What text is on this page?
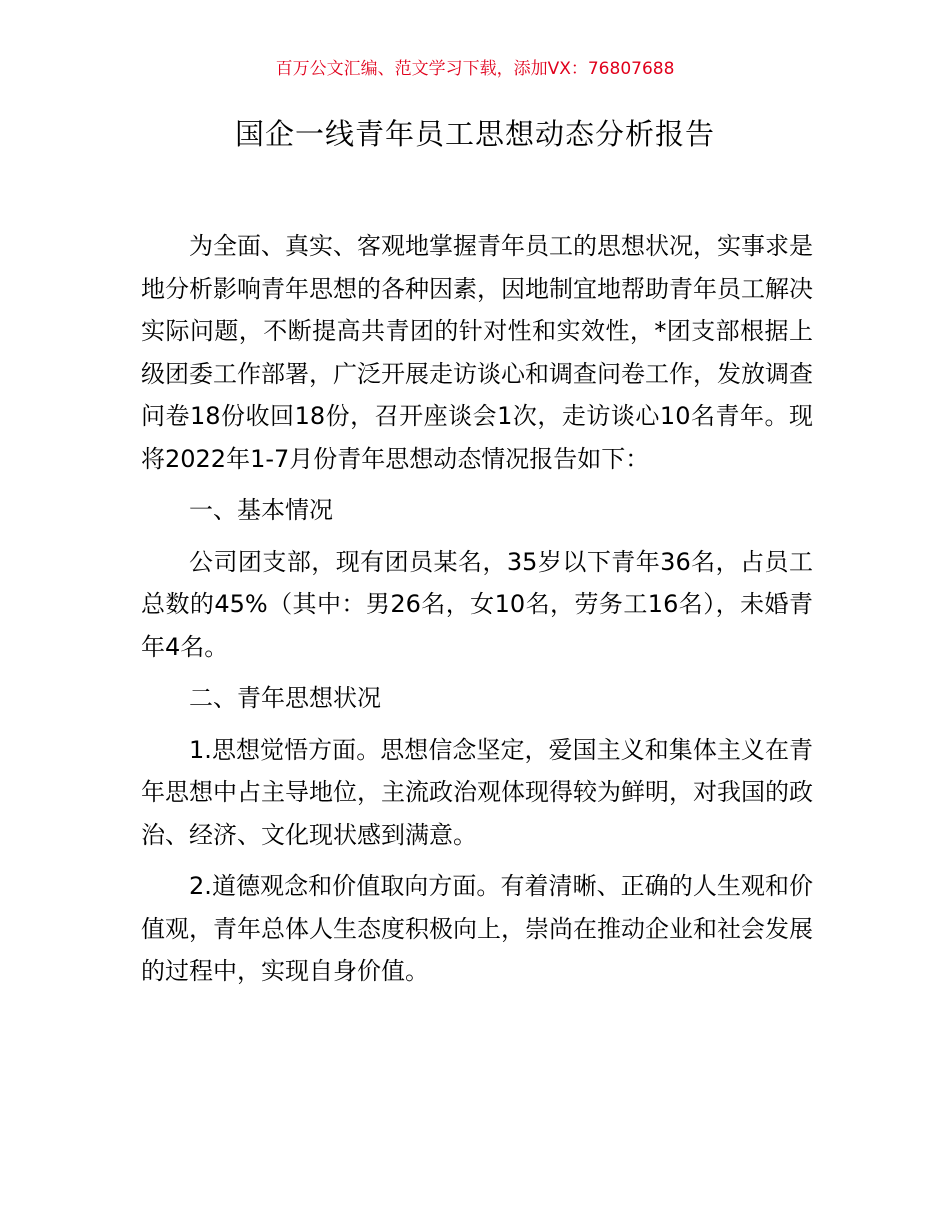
百万公文汇编、范文学习下载，添加VX：76807688
国企一线青年员工思想动态分析报告

为全面、真实、客观地掌握青年员工的思想状况，实事求是地分析影响青年思想的各种因素，因地制宜地帮助青年员工解决实际问题，不断提高共青团的针对性和实效性，*团支部根据上级团委工作部署，广泛开展走访谈心和调查问卷工作，发放调查问卷18份收回18份，召开座谈会1次，走访谈心10名青年。现将2022年1-7月份青年思想动态情况报告如下：

一、基本情况

公司团支部，现有团员某名，35岁以下青年36名，占员工总数的45%（其中：男26名，女10名，劳务工16名），未婚青年4名。

二、青年思想状况

1.思想觉悟方面。思想信念坚定，爱国主义和集体主义在青年思想中占主导地位，主流政治观体现得较为鲜明，对我国的政治、经济、文化现状感到满意。

2.道德观念和价值取向方面。有着清晰、正确的人生观和价值观，青年总体人生态度积极向上，崇尚在推动企业和社会发展的过程中，实现自身价值。
